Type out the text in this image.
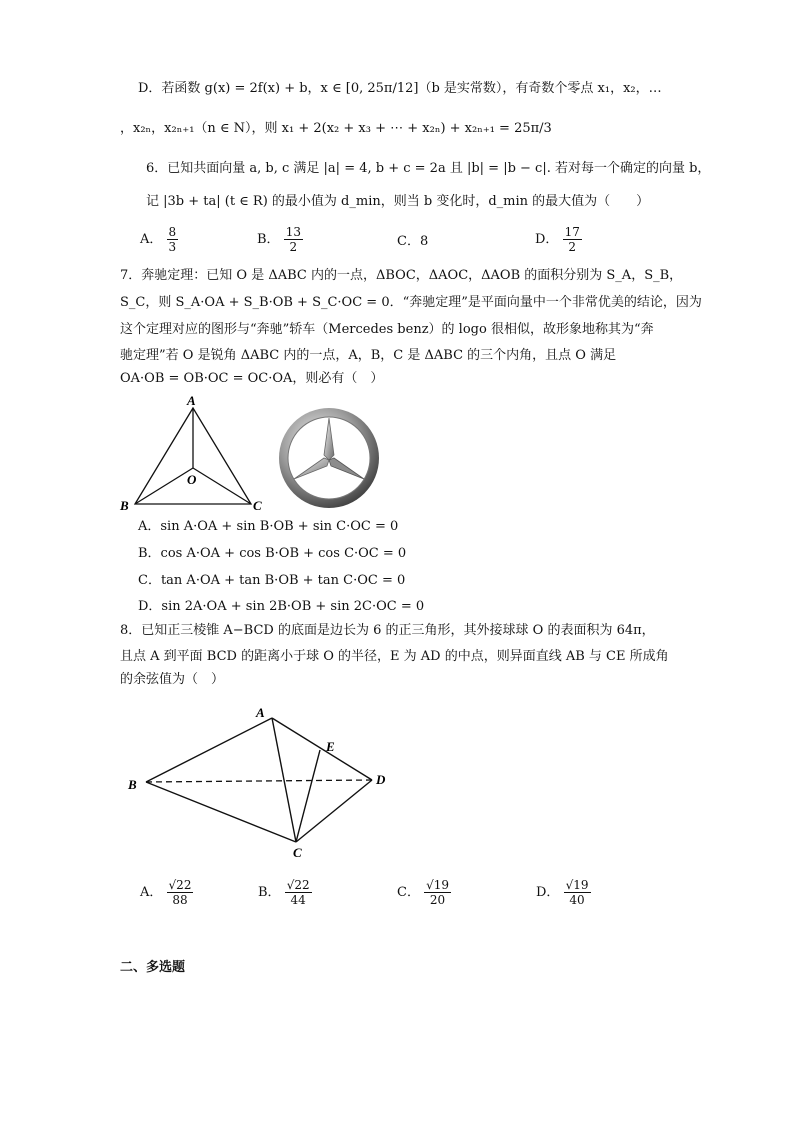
D．若函数 g(x) = 2f(x) + b，x ∈ [0, 25π/12]（b 是实常数），有奇数个零点 x₁，x₂，…
，x₂ₙ，x₂ₙ₊₁（n ∈ N），则 x₁ + 2(x₂ + x₃ + ⋯ + x₂ₙ) + x₂ₙ₊₁ = 25π/3
6．已知共面向量 a, b, c 满足 |a| = 4, b + c = 2a 且 |b| = |b − c|. 若对每一个确定的向量 b，
记 |3b + ta| (t ∈ R) 的最小值为 d_min，则当 b 变化时，d_min 的最大值为（　　）
A． $\frac{8}{3}$	B． $\frac{13}{2}$	C．8	D． $\frac{17}{2}$
7．奔驰定理：已知 O 是 ΔABC 内的一点，ΔBOC，ΔAOC，ΔAOB 的面积分别为 S_A，S_B，
S_C，则 S_A·OA + S_B·OB + S_C·OC = 0．“奔驰定理”是平面向量中一个非常优美的结论，因为
这个定理对应的图形与“奔驰”轿车（Mercedes benz）的 logo 很相似，故形象地称其为“奔
驰定理”若 O 是锐角 ΔABC 内的一点，A，B，C 是 ΔABC 的三个内角，且点 O 满足
OA·OB = OB·OC = OC·OA，则必有（　）
A
B	C
O
A．sin A·OA + sin B·OB + sin C·OC = 0
B．cos A·OA + cos B·OB + cos C·OC = 0
C．tan A·OA + tan B·OB + tan C·OC = 0
D．sin 2A·OA + sin 2B·OB + sin 2C·OC = 0
8．已知正三棱锥 A−BCD 的底面是边长为 6 的正三角形，其外接球球 O 的表面积为 64π，
且点 A 到平面 BCD 的距离小于球 O 的半径，E 为 AD 的中点，则异面直线 AB 与 CE 所成角
的余弦值为（　）
A
B
C
D
E
A． $\frac{√22}{88}$	B． $\frac{√22}{44}$	C． $\frac{√19}{20}$	D． $\frac{√19}{40}$
二、多选题
